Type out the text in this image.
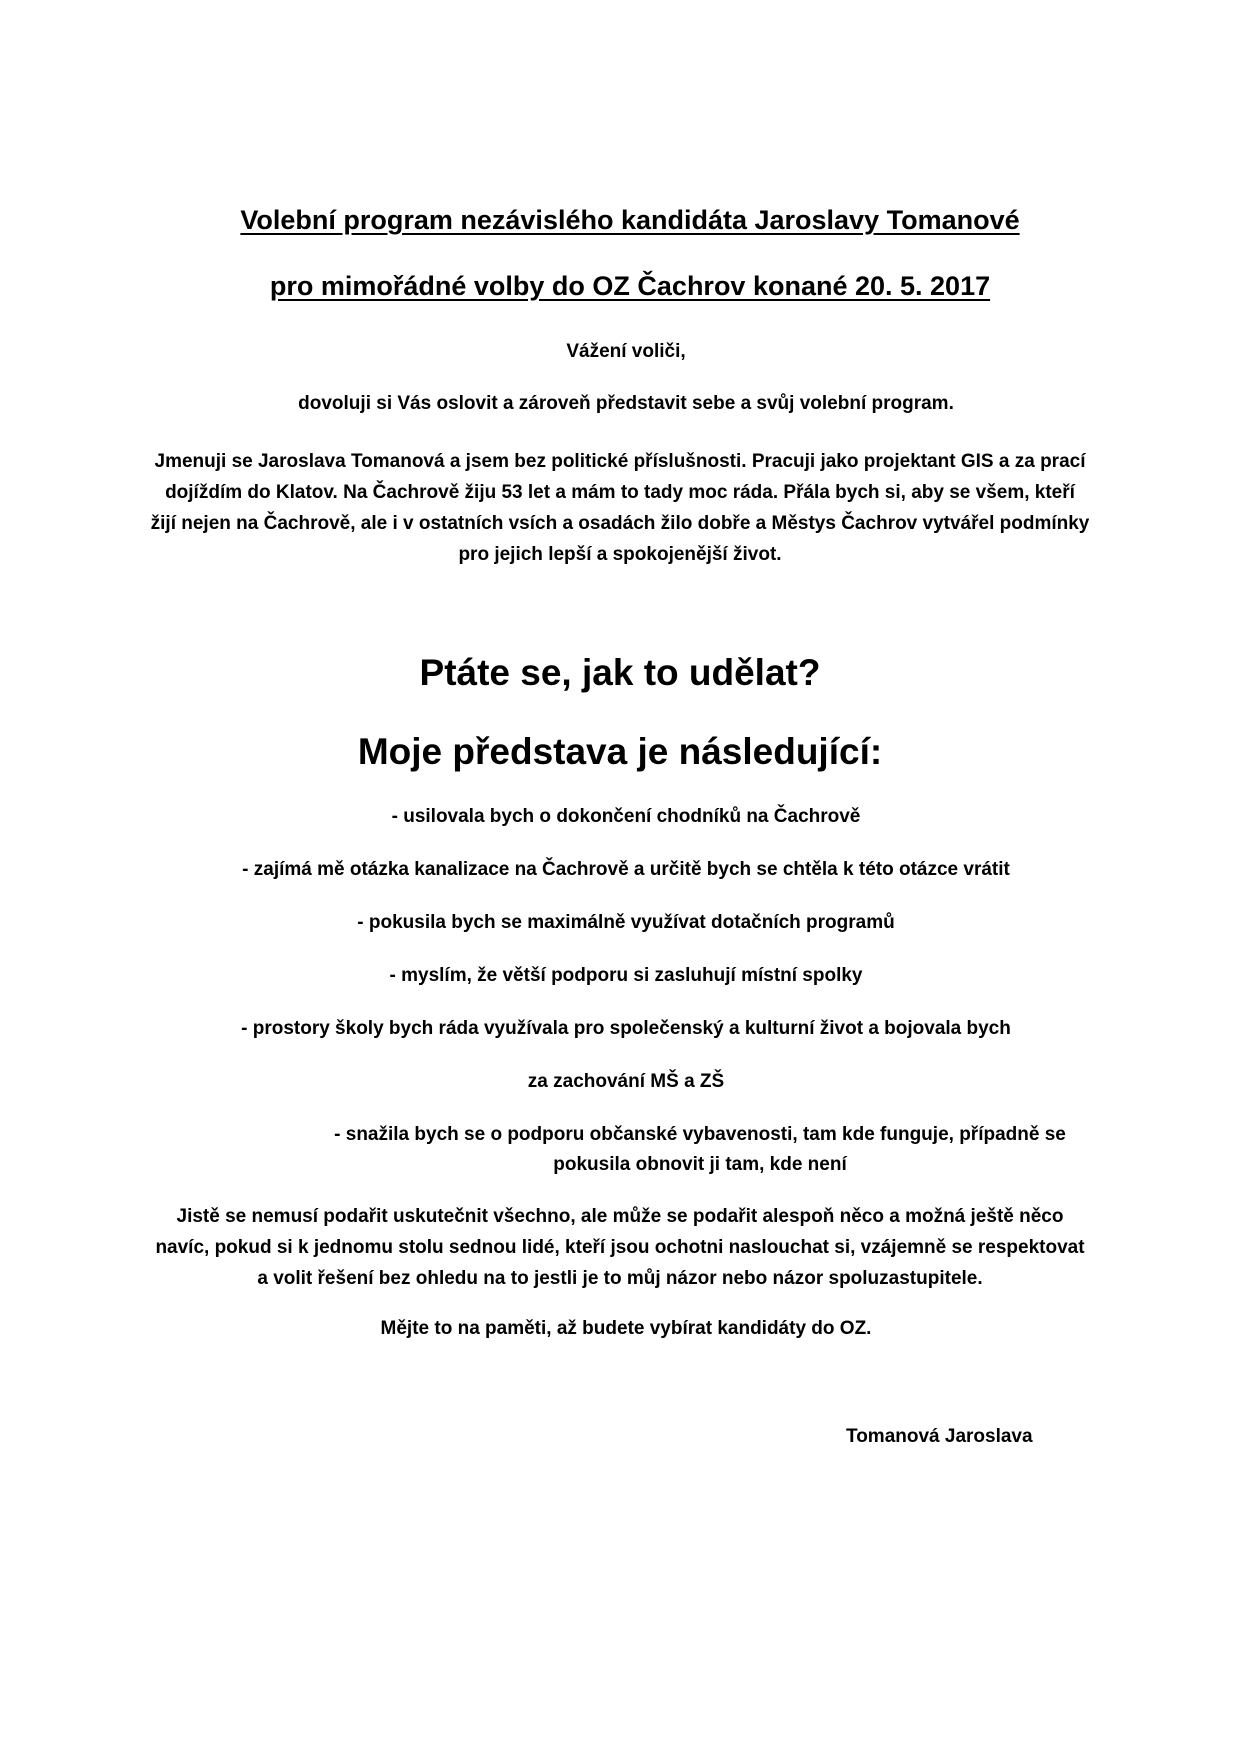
Volební program nezávislého kandidáta Jaroslavy Tomanové
pro mimořádné volby do OZ Čachrov konané 20. 5. 2017
Vážení voliči,
dovoluji si Vás oslovit a zároveň představit sebe a svůj volební program.
Jmenuji se Jaroslava Tomanová a jsem bez politické příslušnosti. Pracuji jako projektant GIS a za prací dojíždím do Klatov. Na Čachrově žiju 53 let a mám to tady moc ráda. Přála bych si, aby se všem, kteří žijí nejen na Čachrově, ale i v ostatních vsích a osadách žilo dobře a Městys Čachrov vytvářel podmínky pro jejich lepší a spokojenější život.
Ptáte se, jak to udělat?
Moje představa je následující:
- usilovala bych o dokončení chodníků na Čachrově
- zajímá mě otázka kanalizace na Čachrově a určitě bych se chtěla k této otázce vrátit
- pokusila bych se maximálně využívat dotačních programů
- myslím, že větší podporu si zasluhují místní spolky
- prostory školy bych ráda využívala pro společenský a kulturní život a bojovala bych
za zachování MŠ a ZŠ
- snažila bych se o podporu občanské vybavenosti, tam kde funguje, případně se pokusila obnovit ji tam, kde není
Jistě se nemusí podařit uskutečnit všechno, ale může se podařit alespoň něco a možná ještě něco navíc, pokud si k jednomu stolu sednou lidé, kteří jsou ochotni naslouchat si, vzájemně se respektovat a volit řešení bez ohledu na to jestli je to můj názor nebo názor spoluzastupitele.
Mějte to na paměti, až budete vybírat kandidáty do OZ.
Tomanová Jaroslava
